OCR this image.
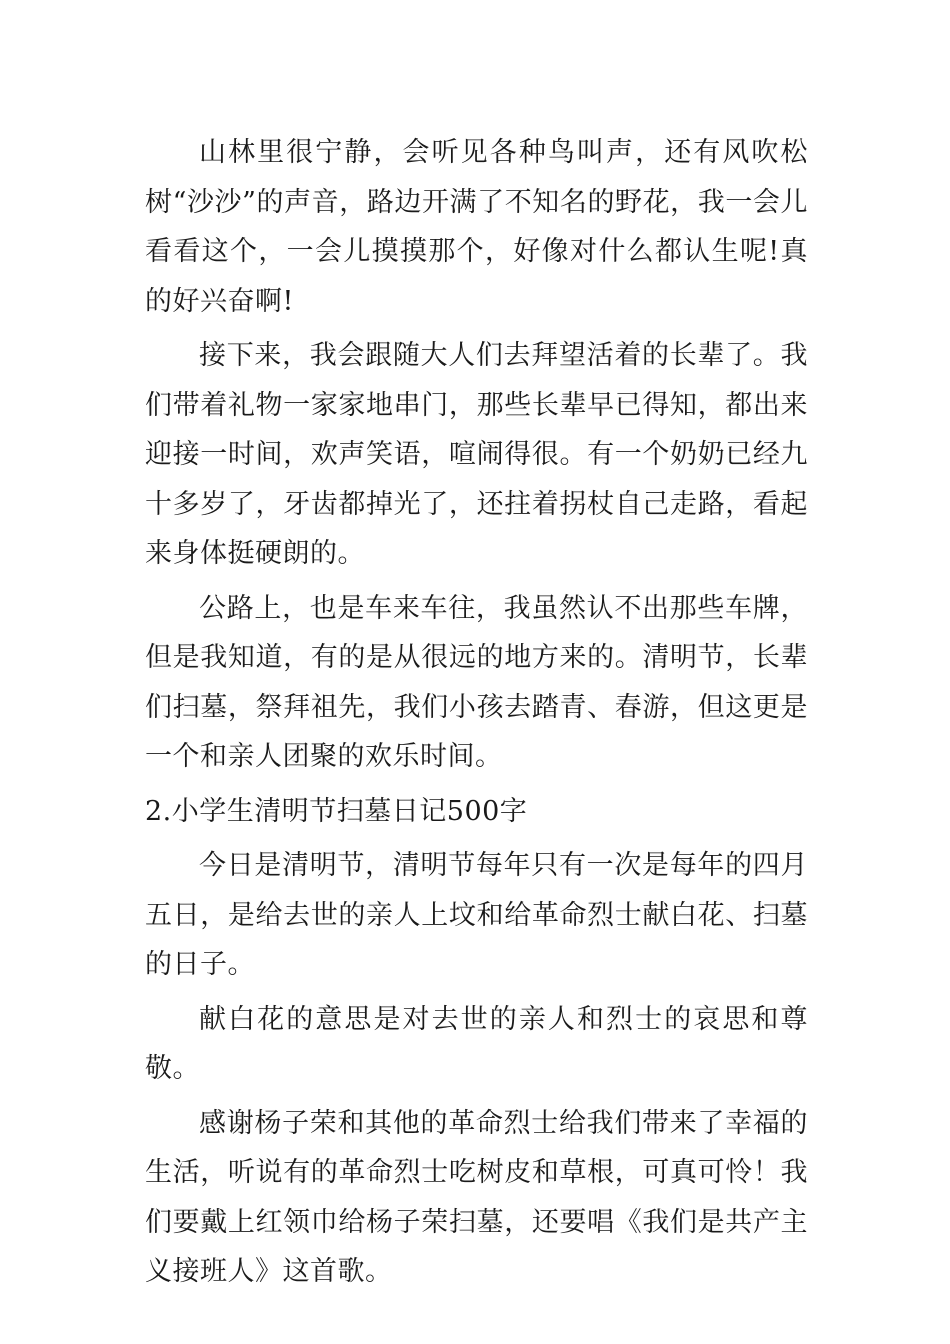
山林里很宁静，会听见各种鸟叫声，还有风吹松树“沙沙”的声音，路边开满了不知名的野花，我一会儿看看这个，一会儿摸摸那个，好像对什么都认生呢!真的好兴奋啊!

接下来，我会跟随大人们去拜望活着的长辈了。我们带着礼物一家家地串门，那些长辈早已得知，都出来迎接一时间，欢声笑语，喧闹得很。有一个奶奶已经九十多岁了，牙齿都掉光了，还拄着拐杖自己走路，看起来身体挺硬朗的。

公路上，也是车来车往，我虽然认不出那些车牌，但是我知道，有的是从很远的地方来的。清明节，长辈们扫墓，祭拜祖先，我们小孩去踏青、春游，但这更是一个和亲人团聚的欢乐时间。

2.小学生清明节扫墓日记500字

今日是清明节，清明节每年只有一次是每年的四月五日，是给去世的亲人上坟和给革命烈士献白花、扫墓的日子。

献白花的意思是对去世的亲人和烈士的哀思和尊敬。

感谢杨子荣和其他的革命烈士给我们带来了幸福的生活，听说有的革命烈士吃树皮和草根，可真可怜！我们要戴上红领巾给杨子荣扫墓，还要唱《我们是共产主义接班人》这首歌。
